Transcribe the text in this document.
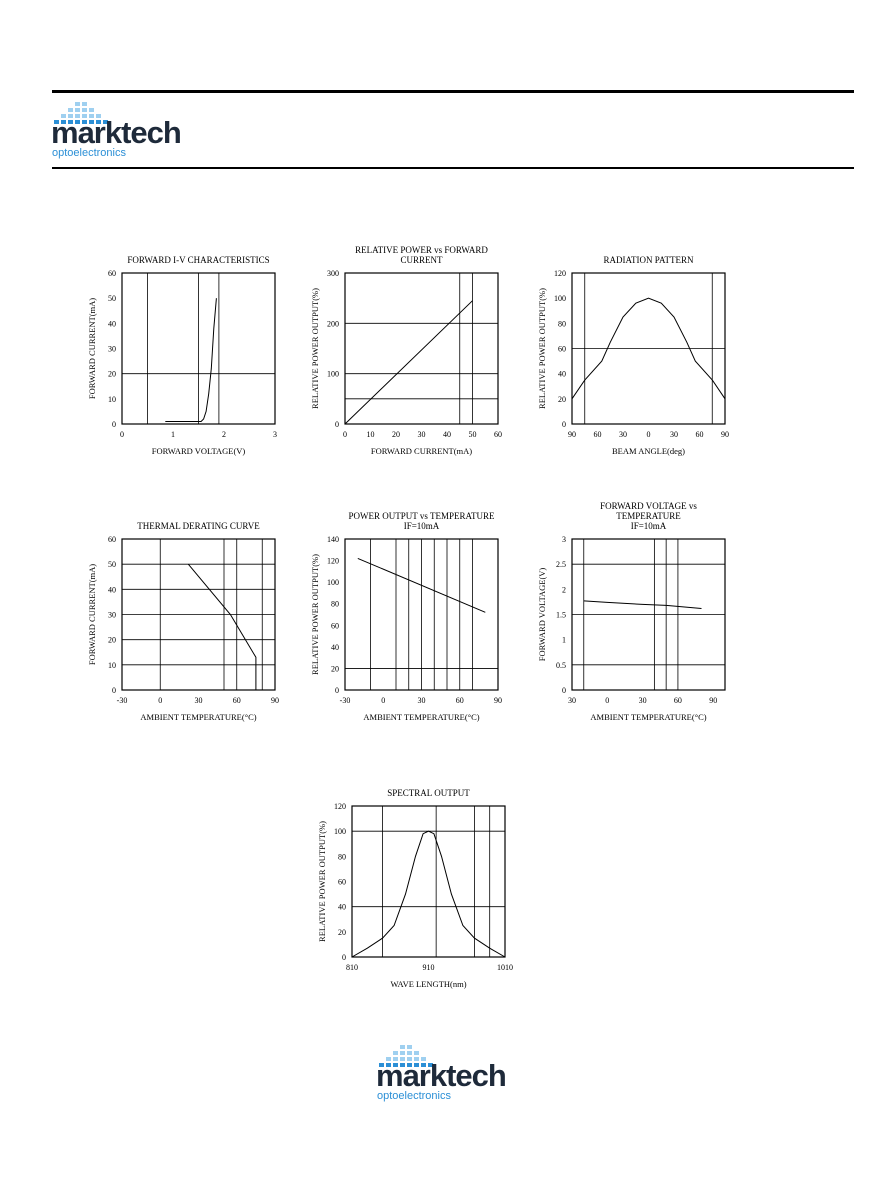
marktech
optoelectronics
FORWARD I-V CHARACTERISTICS
0	1	2	3
0
10
20
30
40
50
60
FORWARD VOLTAGE(V)
FORWARD CURRENT(mA)
RELATIVE POWER vs FORWARD
CURRENT
0 10 20 30 40 50 60
0
100
200
300
FORWARD CURRENT(mA)
RELATIVE POWER OUTPUT(%)
RADIATION PATTERN
90 60 30 0 30 60 90
0
20
40
60
80
100
120
BEAM ANGLE(deg)
RELATIVE POWER OUTPUT(%)
THERMAL DERATING CURVE
-30	0	30	60	90
0
10
20
30
40
50
60
AMBIENT TEMPERATURE(°C)
FORWARD CURRENT(mA)
POWER OUTPUT vs TEMPERATURE
IF=10mA
-30	0	30	60	90
0
20
40
60
80
100
120
140
AMBIENT TEMPERATURE(°C)
RELATIVE POWER OUTPUT(%)
FORWARD VOLTAGE vs
TEMPERATURE
IF=10mA
30	0	30	60	90
0
0.5
1
1.5
2
2.5
3
AMBIENT TEMPERATURE(°C)
FORWARD VOLTAGE(V)
SPECTRAL OUTPUT
810	910	1010
0
20
40
60
80
100
120
WAVE LENGTH(nm)
RELATIVE POWER OUTPUT(%)
marktech
optoelectronics
